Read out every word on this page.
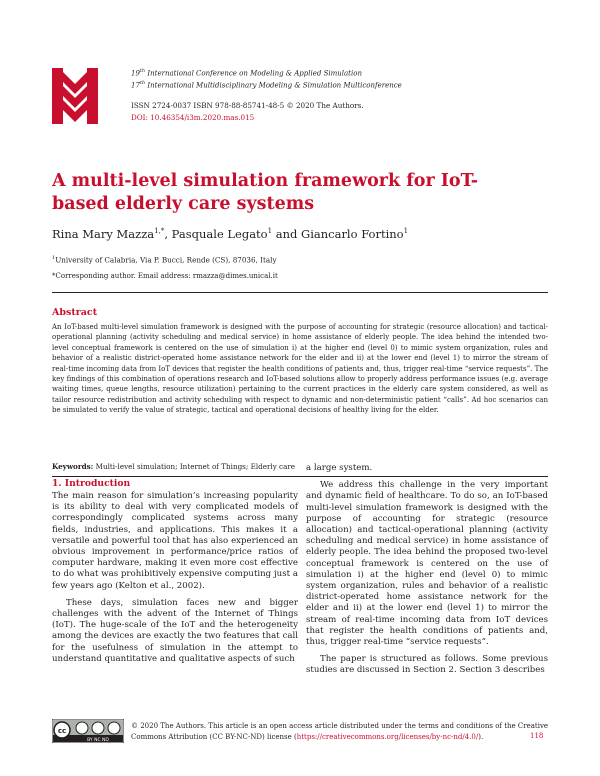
19th International Conference on Modeling & Applied Simulation
17th International Multidisciplinary Modeling & Simulation Multiconference
ISSN 2724-0037 ISBN 978-88-85741-48-5 © 2020 The Authors.
DOI: 10.46354/i3m.2020.mas.015
A multi-level simulation framework for IoT-based elderly care systems
Rina Mary Mazza$^{1,*}$, Pasquale Legato$^1$ and Giancarlo Fortino$^1$
$^1$University of Calabria, Via P. Bucci, Rende (CS), 87036, Italy
*Corresponding author. Email address: rmazza@dimes.unical.it
Abstract
An IoT-based multi-level simulation framework is designed with the purpose of accounting for strategic (resource allocation) and tactical-operational planning (activity scheduling and medical service) in home assistance of elderly people. The idea behind the intended two-level conceptual framework is centered on the use of simulation i) at the higher end (level 0) to mimic system organization, rules and behavior of a realistic district-operated home assistance network for the elder and ii) at the lower end (level 1) to mirror the stream of real-time incoming data from IoT devices that register the health conditions of patients and, thus, trigger real-time “service requests”. The key findings of this combination of operations research and IoT-based solutions allow to properly address performance issues (e.g. average waiting times, queue lengths, resource utilization) pertaining to the current practices in the elderly care system considered, as well as tailor resource redistribution and activity scheduling with respect to dynamic and non-deterministic patient “calls”. Ad hoc scenarios can be simulated to verify the value of strategic, tactical and operational decisions of healthy living for the elder.
Keywords: Multi-level simulation; Internet of Things; Elderly care
1. Introduction

The main reason for simulation’s increasing popularity is its ability to deal with very complicated models of correspondingly complicated systems across many fields, industries, and applications. This makes it a versatile and powerful tool that has also experienced an obvious improvement in performance/price ratios of computer hardware, making it even more cost effective to do what was prohibitively expensive computing just a few years ago (Kelton et al., 2002).

These days, simulation faces new and bigger challenges with the advent of the Internet of Things (IoT). The huge-scale of the IoT and the heterogeneity among the devices are exactly the two features that call for the usefulness of simulation in the attempt to understand quantitative and qualitative aspects of such

a large system.

We address this challenge in the very important and dynamic field of healthcare. To do so, an IoT-based multi-level simulation framework is designed with the purpose of accounting for strategic (resource allocation) and tactical-operational planning (activity scheduling and medical service) in home assistance of elderly people. The idea behind the proposed two-level conceptual framework is centered on the use of simulation i) at the higher end (level 0) to mimic system organization, rules and behavior of a realistic district-operated home assistance network for the elder and ii) at the lower end (level 1) to mirror the stream of real-time incoming data from IoT devices that register the health conditions of patients and, thus, trigger real-time “service requests”.

The paper is structured as follows. Some previous studies are discussed in Section 2. Section 3 describes

cc
BY NC ND
© 2020 The Authors. This article is an open access article distributed under the terms and conditions of the Creative Commons Attribution (CC BY-NC-ND) license (https://creativecommons.org/licenses/by-nc-nd/4.0/).	118
